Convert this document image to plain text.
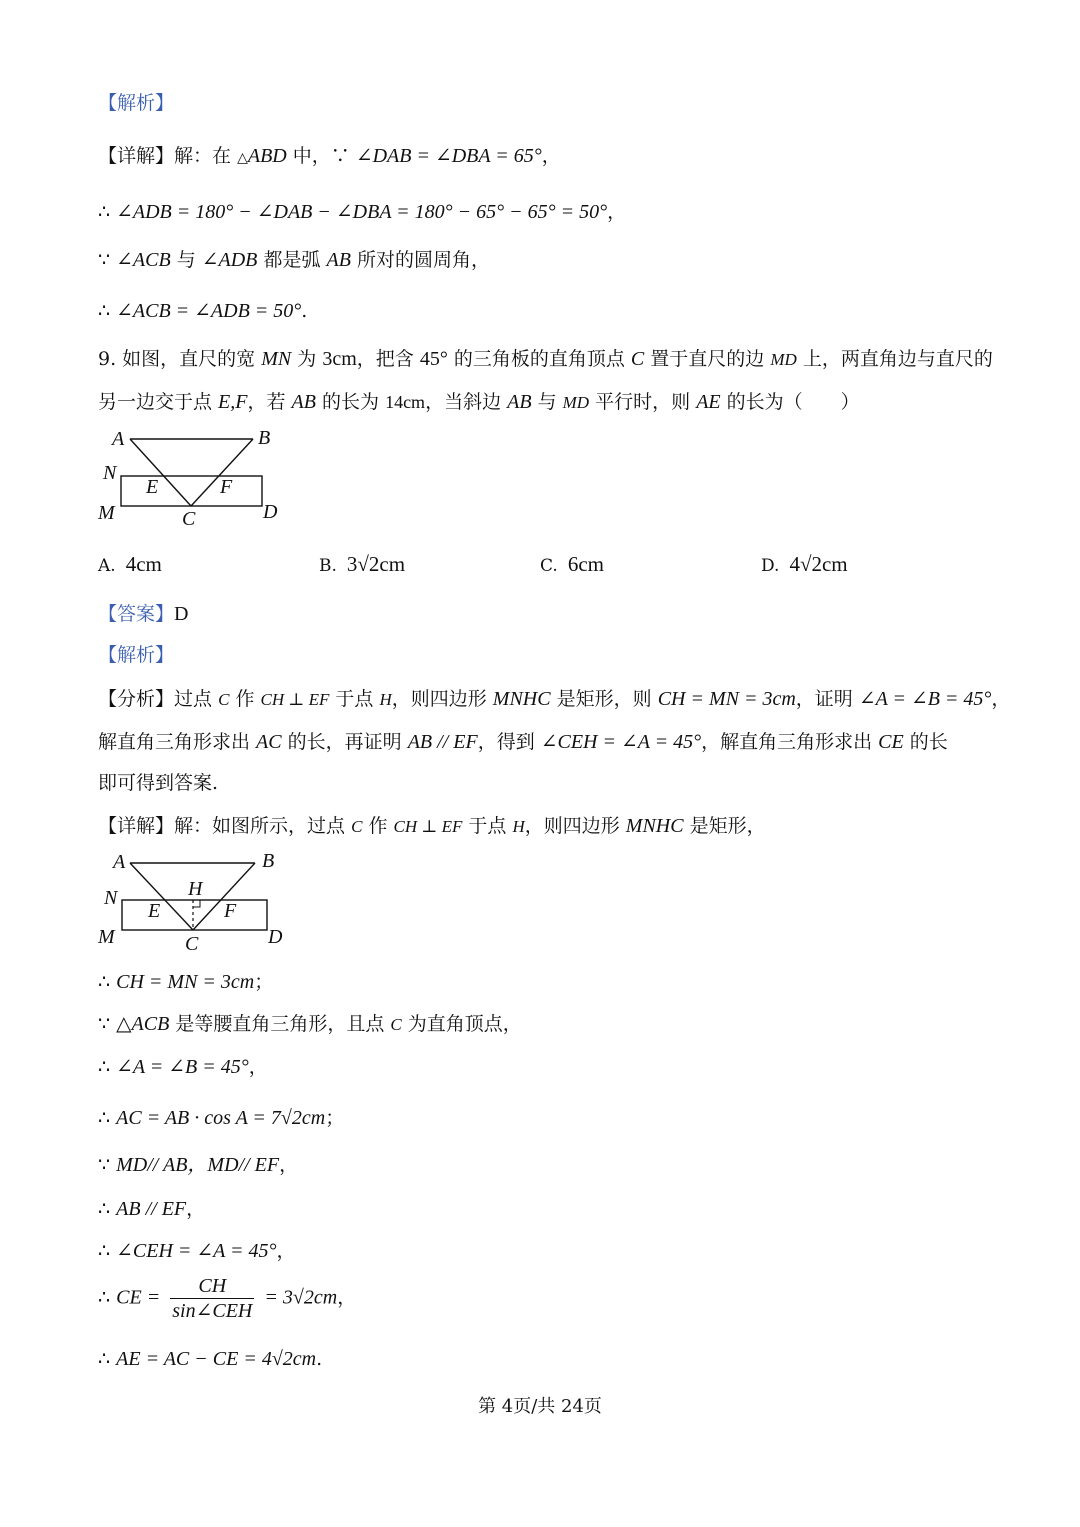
【解析】
【详解】解：在 △ABD 中，∵ ∠DAB = ∠DBA = 65°，
∴ ∠ADB = 180° − ∠DAB − ∠DBA = 180° − 65° − 65° = 50°，
∵ ∠ACB 与 ∠ADB 都是弧 AB 所对的圆周角，
∴ ∠ACB = ∠ADB = 50°.
9. 如图，直尺的宽 MN 为 3cm，把含 45° 的三角板的直角顶点 C 置于直尺的边 MD 上，两直角边与直尺的
另一边交于点 E,F，若 AB 的长为 14cm，当斜边 AB 与 MD 平行时，则 AE 的长为（　　）
A	B
N
M
E	F
C	D
A. 4cm	B. 3√2cm	C. 6cm	D. 4√2cm
【答案】D
【解析】
【分析】过点 C 作 CH ⊥ EF 于点 H，则四边形 MNHC 是矩形，则 CH = MN = 3cm，证明 ∠A = ∠B = 45°，
解直角三角形求出 AC 的长，再证明 AB // EF，得到 ∠CEH = ∠A = 45°，解直角三角形求出 CE 的长
即可得到答案.
【详解】解：如图所示，过点 C 作 CH ⊥ EF 于点 H，则四边形 MNHC 是矩形，
A	B
N
M
H
E	F
C	D
∴ CH = MN = 3cm；
∵ △ACB 是等腰直角三角形，且点 C 为直角顶点，
∴ ∠A = ∠B = 45°，
∴ AC = AB · cos A = 7√2cm；
∵ MD// AB，MD// EF，
∴ AB // EF，
∴ ∠CEH = ∠A = 45°，
∴ CE = $\frac{CH}{\text{sin∠CEH}} = 3√2cm$，
∴ AE = AC − CE = 4√2cm.
第 4页/共 24页
